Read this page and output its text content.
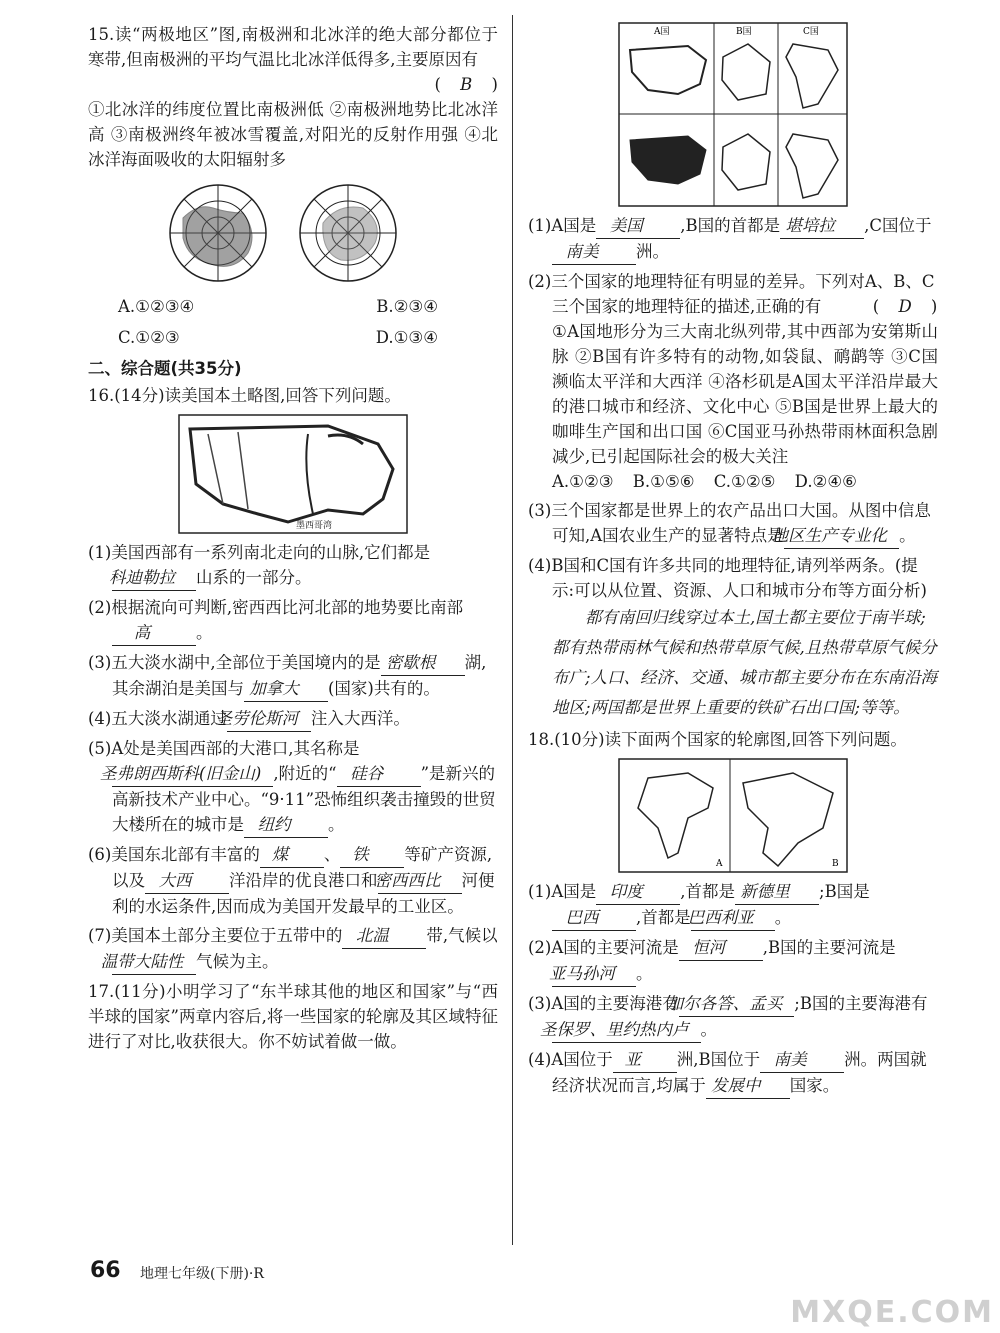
15.读“两极地区”图,南极洲和北冰洋的绝大部分都位于寒带,但南极洲的平均气温比北冰洋低得多,主要原因有
( B )

①北冰洋的纬度位置比南极洲低 ②南极洲地势比北冰洋高 ③南极洲终年被冰雪覆盖,对阳光的反射作用强 ④北冰洋海面吸收的太阳辐射多

A.①②③④	B.②③④
C.①②③	D.①③④

二、综合题(共35分)

16.(14分)读美国本土略图,回答下列问题。

墨西哥湾

(1)美国西部有一系列南北走向的山脉,它们都是科迪勒拉 山系的一部分。

(2)根据流向可判断,密西西比河北部的地势要比南部高	。

(3)五大淡水湖中,全部位于美国境内的是 密歇根 湖,其余湖泊是美国与 加拿大 (国家)共有的。

(4)五大淡水湖通过圣劳伦斯河 注入大西洋。

(5)A处是美国西部的大港口,其名称是圣弗朗西斯科(旧金山) ,附近的“ 硅谷 ”是新兴的高新技术产业中心。“9·11”恐怖组织袭击撞毁的世贸大楼所在的城市是 纽约 。

(6)美国东北部有丰富的 煤 、 铁 等矿产资源,以及 大西 洋沿岸的优良港口和密西西比 河便利的水运条件,因而成为美国开发最早的工业区。

(7)美国本土部分主要位于五带中的 北温 带,气候以温带大陆性 气候为主。

17.(11分)小明学习了“东半球其他的地区和国家”与“西半球的国家”两章内容后,将一些国家的轮廓及其区域特征进行了对比,收获很大。你不妨试着做一做。

A国	B国	C国

(1)A国是 美国 ,B国的首都是 堪培拉 ,C国位于南美 洲。

(2)三个国家的地理特征有明显的差异。下列对A、B、C三个国家的地理特征的描述,正确的有	( D )

①A国地形分为三大南北纵列带,其中西部为安第斯山脉 ②B国有许多特有的动物,如袋鼠、鸸鹋等 ③C国濒临太平洋和大西洋 ④洛杉矶是A国太平洋沿岸最大的港口城市和经济、文化中心 ⑤B国是世界上最大的咖啡生产国和出口国 ⑥C国亚马孙热带雨林面积急剧减少,已引起国际社会的极大关注

A.①②③ B.①⑤⑥ C.①②⑤ D.②④⑥

(3)三个国家都是世界上的农产品出口大国。从图中信息可知,A国农业生产的显著特点是地区生产专业化 。

(4)B国和C国有许多共同的地理特征,请列举两条。(提示:可以从位置、资源、人口和城市分布等方面分析)

都有南回归线穿过本土,国土都主要位于南半球;都有热带雨林气候和热带草原气候,且热带草原气候分布广;人口、经济、交通、城市都主要分布在东南沿海地区;两国都是世界上重要的铁矿石出口国;等等。

18.(10分)读下面两个国家的轮廓图,回答下列问题。

A	B

(1)A国是 印度 ,首都是 新德里 ;B国是巴西 ,首都是巴西利亚 。

(2)A国的主要河流是 恒河 ,B国的主要河流是亚马孙河 。

(3)A国的主要海港有加尔各答、孟买 ;B国的主要海港有圣保罗、里约热内卢 。

(4)A国位于 亚 洲,B国位于 南美 洲。两国就经济状况而言,均属于 发展中 国家。

66 地理七年级(下册)·R
MXQE.COM
